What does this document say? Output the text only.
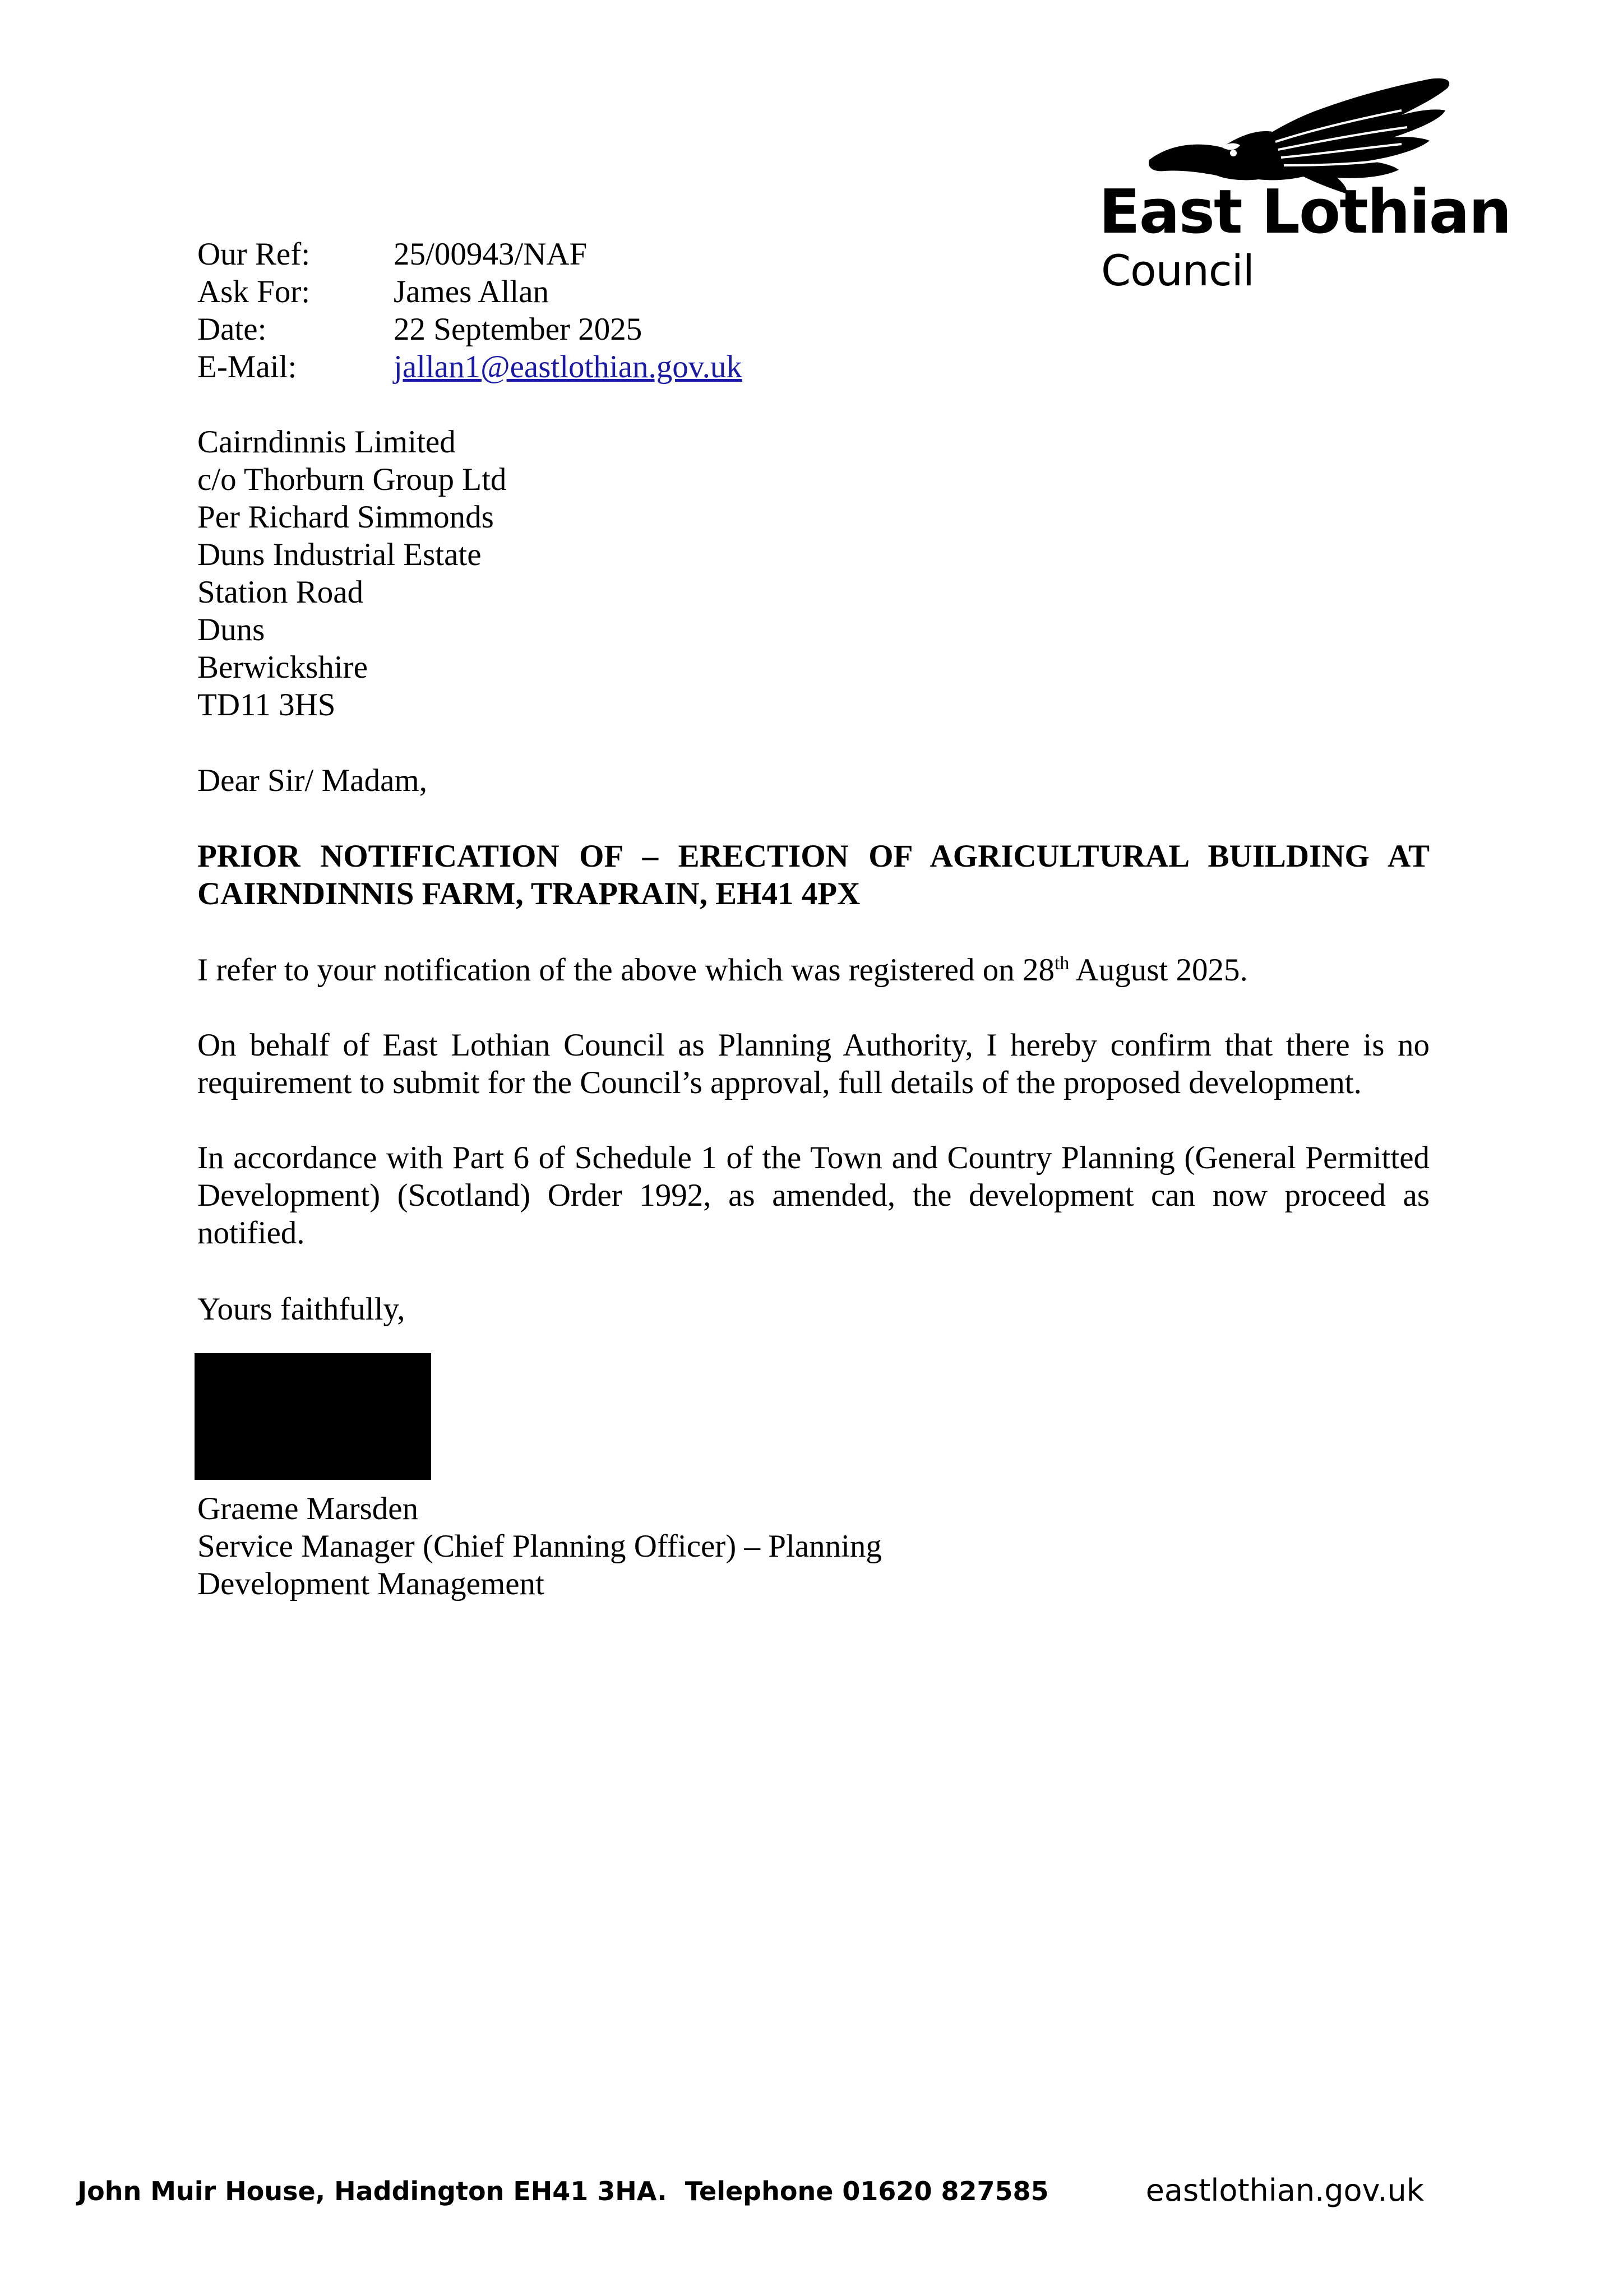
East Lothian
Council
Our Ref:	25/00943/NAF
Ask For:	James Allan
Date:	22 September 2025
E-Mail:	jallan1@eastlothian.gov.uk
Cairndinnis Limited
c/o Thorburn Group Ltd
Per Richard Simmonds
Duns Industrial Estate
Station Road
Duns
Berwickshire
TD11 3HS
Dear Sir/ Madam,
PRIOR NOTIFICATION OF – ERECTION OF AGRICULTURAL BUILDING AT CAIRNDINNIS FARM, TRAPRAIN, EH41 4PX
I refer to your notification of the above which was registered on 28th August 2025.
On behalf of East Lothian Council as Planning Authority, I hereby confirm that there is no requirement to submit for the Council’s approval, full details of the proposed development.
In accordance with Part 6 of Schedule 1 of the Town and Country Planning (General Permitted Development) (Scotland) Order 1992, as amended, the development can now proceed as notified.
Yours faithfully,
Graeme Marsden
Service Manager (Chief Planning Officer) – Planning
Development Management
John Muir House, Haddington EH41 3HA.  Telephone 01620 827585	eastlothian.gov.uk
